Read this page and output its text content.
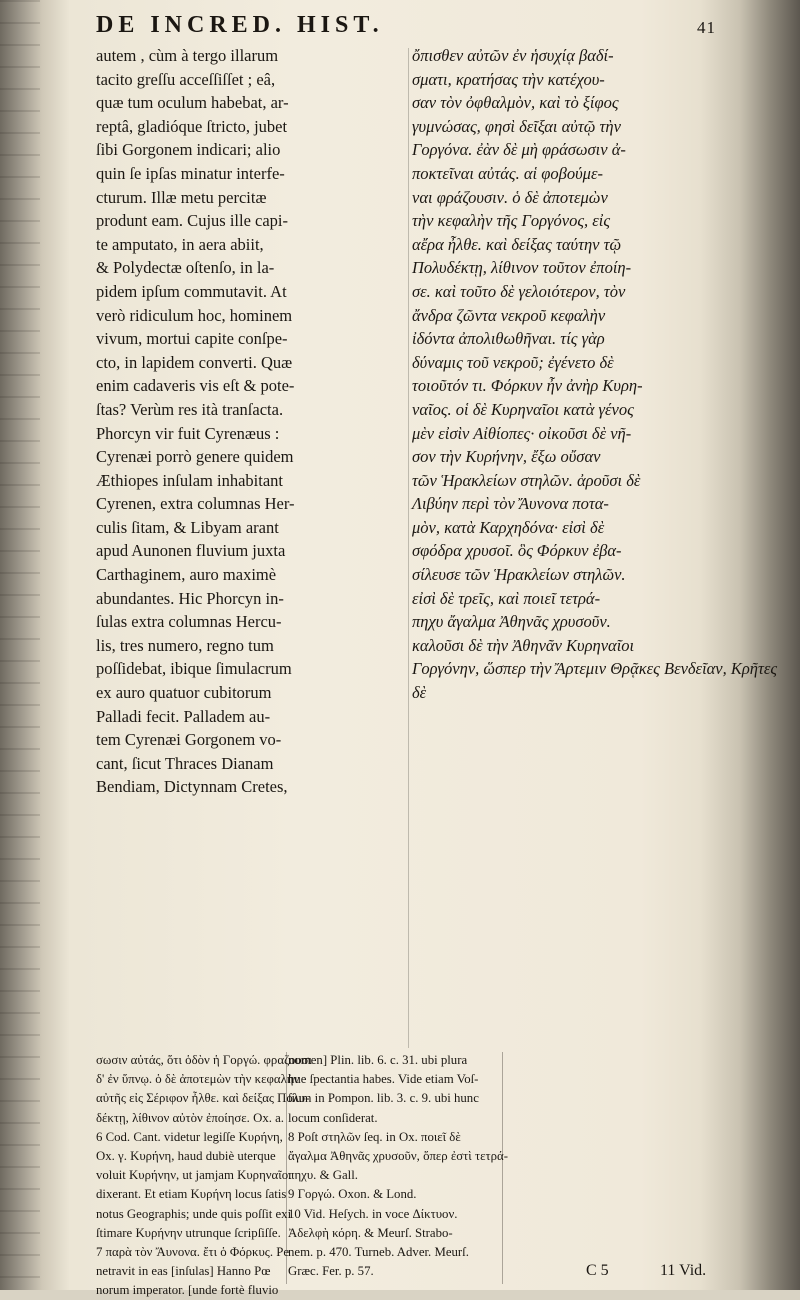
DE INCRED. HIST.	41
autem , cùm à tergo illarum
tacito greſſu acceſſiſſet ; eâ,
quæ tum oculum habebat, ar-
reptâ, gladióque ſtricto, jubet
ſibi Gorgonem indicari; alio
quin ſe ipſas minatur interfe-
cturum. Illæ metu percitæ
produnt eam. Cujus ille capi-
te amputato, in aera abiit,
& Polydectæ oſtenſo, in la-
pidem ipſum commutavit. At
verò ridiculum hoc, hominem
vivum, mortui capite conſpe-
cto, in lapidem converti. Quæ
enim cadaveris vis eſt & pote-
ſtas? Verùm res ità tranſacta.
Phorcyn vir fuit Cyrenæus :
Cyrenæi porrò genere quidem
Æthiopes inſulam inhabitant
Cyrenen, extra columnas Her-
culis ſitam, & Libyam arant
apud Aunonen fluvium juxta
Carthaginem, auro maximè
abundantes. Hic Phorcyn in-
ſulas extra columnas Hercu-
lis, tres numero, regno tum
poſſidebat, ibique ſimulacrum
ex auro quatuor cubitorum
Palladi fecit. Palladem au-
tem Cyrenæi Gorgonem vo-
cant, ſicut Thraces Dianam
Bendiam, Dictynnam Cretes,
ὄπισθεν αὐτῶν ἐν ἡσυχίᾳ βαδί-
σματι, κρατήσας τὴν κατέχου-
σαν τὸν ὀφθαλμὸν, καὶ τὸ ξίφος
γυμνώσας, φησὶ δεῖξαι αὐτῷ τὴν
Γοργόνα. ἐὰν δὲ μὴ φράσωσιν ἀ-
ποκτεῖναι αὐτάς. αἱ φοβούμε-
ναι φράζουσιν. ὁ δὲ ἀποτεμὼν
τὴν κεφαλὴν τῆς Γοργόνος, εἰς
αἔρα ἦλθε. καὶ δείξας ταύτην τῷ
Πολυδέκτῃ, λίθινον τοῦτον ἐποίη-
σε. καὶ τοῦτο δὲ γελοιότερον, τὸν
ἄνδρα ζῶντα νεκροῦ κεφαλὴν
ἰδόντα ἀπολιθωθῆναι. τίς γὰρ
δύναμις τοῦ νεκροῦ; ἐγένετο δὲ
τοιοῦτόν τι. Φόρκυν ἦν ἀνὴρ Κυρη-
ναῖος. οἱ δὲ Κυρηναῖοι κατὰ γένος
μὲν εἰσὶν Αἰθίοπες· οἰκοῦσι δὲ νῆ-
σον τὴν Κυρήνην, ἔξω οὔσαν
τῶν Ἡρακλείων στηλῶν. ἀροῦσι δὲ
Λιβύην περὶ τὸν Ἄυνονα ποτα-
μὸν, κατὰ Καρχηδόνα· εἰσὶ δὲ
σφόδρα χρυσοῖ. ὃς Φόρκυν ἐβα-
σίλευσε τῶν Ἡρακλείων στηλῶν.
εἰσὶ δὲ τρεῖς, καὶ ποιεῖ τετρά-
πηχυ ἄγαλμα Ἀθηνᾶς χρυσοῦν.
καλοῦσι δὲ τὴν Ἀθηνᾶν Κυρηναῖοι
Γοργόνην, ὥσπερ τὴν Ἄρτεμιν Θρᾷκες Βενδεῖαν, Κρῆτες
δὲ
σωσιν αὐτάς, ὅτι ὁδὸν ἡ Γοργώ. φραζουσι
δ' ἐν ὕπνῳ. ὁ δὲ ἀποτεμὼν τὴν κεφαλὴν
αὐτῆς εἰς Σέριφον ἦλθε. καὶ δείξας Πολυ-
δέκτῃ, λίθινον αὐτὸν ἐποίησε. Ox. a.
6 Cod. Cant. videtur legiſſe Κυρήνη,
Ox. γ. Κυρήνη, haud dubiè uterque
voluit Κυρήνην, ut jamjam Κυρηναῖοι
dixerant. Et etiam Κυρήνη locus ſatis
notus Geographis; unde quis poſſit exi
ſtimare Κυρήνην utrunque ſcripſiſſe.
7 παρὰ τὸν Ἄυνονα. ἔτι ὁ Φόρκυς. Pe
netravit in eas [inſulas] Hanno Pœ
norum imperator. [unde fortè fluvio
nomen] Plin. lib. 6. c. 31. ubi plura
hue ſpectantia habes. Vide etiam Voſ-
ſium in Pompon. lib. 3. c. 9. ubi hunc
locum conſiderat.
8 Poſt στηλῶν ſeq. in Ox. ποιεῖ δὲ
ἄγαλμα Ἀθηνᾶς χρυσοῦν, ὅπερ ἐστὶ τετρά-
πηχυ. & Gall.
9 Γοργώ. Oxon. & Lond.
10 Vid. Heſych. in voce Δίκτυον.
Ἀδελφὴ κόρη. & Meurſ. Strabo-
nem. p. 470. Turneb. Adver. Meurſ.
Græc. Fer. p. 57.	C 5	11 Vid.
